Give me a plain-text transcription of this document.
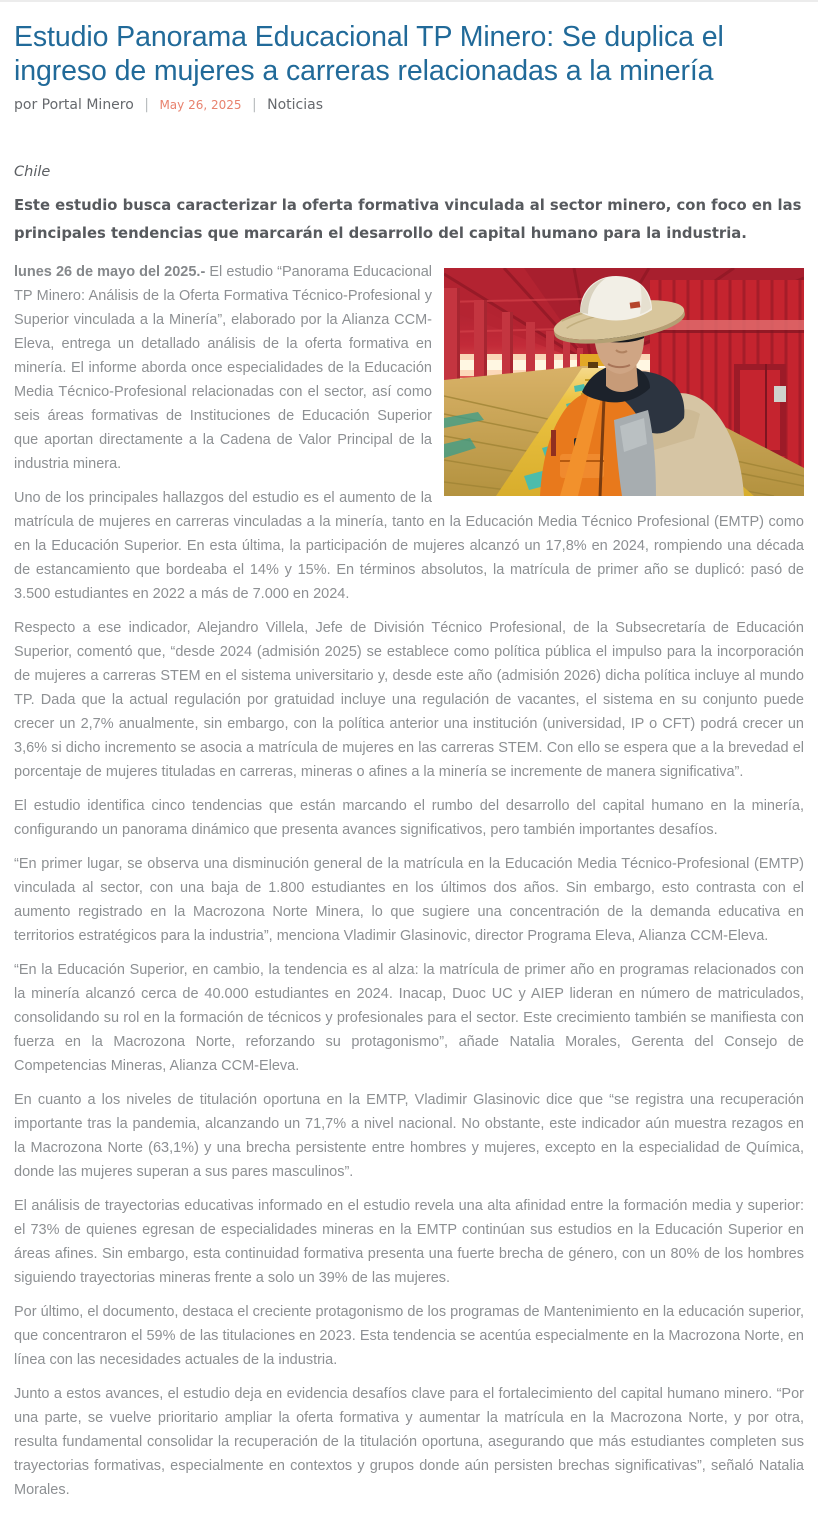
Estudio Panorama Educacional TP Minero: Se duplica el ingreso de mujeres a carreras relacionadas a la minería
por Portal Minero | May 26, 2025 | Noticias

Chile

Este estudio busca caracterizar la oferta formativa vinculada al sector minero, con foco en las principales tendencias que marcarán el desarrollo del capital humano para la industria.

lunes 26 de mayo del 2025.- El estudio “Panorama Educacional TP Minero: Análisis de la Oferta Formativa Técnico-Profesional y Superior vinculada a la Minería”, elaborado por la Alianza CCM-Eleva, entrega un detallado análisis de la oferta formativa en minería. El informe aborda once especialidades de la Educación Media Técnico-Profesional relacionadas con el sector, así como seis áreas formativas de Instituciones de Educación Superior que aportan directamente a la Cadena de Valor Principal de la industria minera.

Uno de los principales hallazgos del estudio es el aumento de la matrícula de mujeres en carreras vinculadas a la minería, tanto en la Educación Media Técnico Profesional (EMTP) como en la Educación Superior. En esta última, la participación de mujeres alcanzó un 17,8% en 2024, rompiendo una década de estancamiento que bordeaba el 14% y 15%. En términos absolutos, la matrícula de primer año se duplicó: pasó de 3.500 estudiantes en 2022 a más de 7.000 en 2024.

Respecto a ese indicador, Alejandro Villela, Jefe de División Técnico Profesional, de la Subsecretaría de Educación Superior, comentó que, “desde 2024 (admisión 2025) se establece como política pública el impulso para la incorporación de mujeres a carreras STEM en el sistema universitario y, desde este año (admisión 2026) dicha política incluye al mundo TP. Dada que la actual regulación por gratuidad incluye una regulación de vacantes, el sistema en su conjunto puede crecer un 2,7% anualmente, sin embargo, con la política anterior una institución (universidad, IP o CFT) podrá crecer un 3,6% si dicho incremento se asocia a matrícula de mujeres en las carreras STEM. Con ello se espera que a la brevedad el porcentaje de mujeres tituladas en carreras, mineras o afines a la minería se incremente de manera significativa”.

El estudio identifica cinco tendencias que están marcando el rumbo del desarrollo del capital humano en la minería, configurando un panorama dinámico que presenta avances significativos, pero también importantes desafíos.

“En primer lugar, se observa una disminución general de la matrícula en la Educación Media Técnico-Profesional (EMTP) vinculada al sector, con una baja de 1.800 estudiantes en los últimos dos años. Sin embargo, esto contrasta con el aumento registrado en la Macrozona Norte Minera, lo que sugiere una concentración de la demanda educativa en territorios estratégicos para la industria”, menciona Vladimir Glasinovic, director Programa Eleva, Alianza CCM-Eleva.

“En la Educación Superior, en cambio, la tendencia es al alza: la matrícula de primer año en programas relacionados con la minería alcanzó cerca de 40.000 estudiantes en 2024. Inacap, Duoc UC y AIEP lideran en número de matriculados, consolidando su rol en la formación de técnicos y profesionales para el sector. Este crecimiento también se manifiesta con fuerza en la Macrozona Norte, reforzando su protagonismo”, añade Natalia Morales, Gerenta del Consejo de Competencias Mineras, Alianza CCM-Eleva.

En cuanto a los niveles de titulación oportuna en la EMTP, Vladimir Glasinovic dice que “se registra una recuperación importante tras la pandemia, alcanzando un 71,7% a nivel nacional. No obstante, este indicador aún muestra rezagos en la Macrozona Norte (63,1%) y una brecha persistente entre hombres y mujeres, excepto en la especialidad de Química, donde las mujeres superan a sus pares masculinos”.

El análisis de trayectorias educativas informado en el estudio revela una alta afinidad entre la formación media y superior: el 73% de quienes egresan de especialidades mineras en la EMTP continúan sus estudios en la Educación Superior en áreas afines. Sin embargo, esta continuidad formativa presenta una fuerte brecha de género, con un 80% de los hombres siguiendo trayectorias mineras frente a solo un 39% de las mujeres.

Por último, el documento, destaca el creciente protagonismo de los programas de Mantenimiento en la educación superior, que concentraron el 59% de las titulaciones en 2023. Esta tendencia se acentúa especialmente en la Macrozona Norte, en línea con las necesidades actuales de la industria.

Junto a estos avances, el estudio deja en evidencia desafíos clave para el fortalecimiento del capital humano minero. “Por una parte, se vuelve prioritario ampliar la oferta formativa y aumentar la matrícula en la Macrozona Norte, y por otra, resulta fundamental consolidar la recuperación de la titulación oportuna, asegurando que más estudiantes completen sus trayectorias formativas, especialmente en contextos y grupos donde aún persisten brechas significativas”, señaló Natalia Morales.
